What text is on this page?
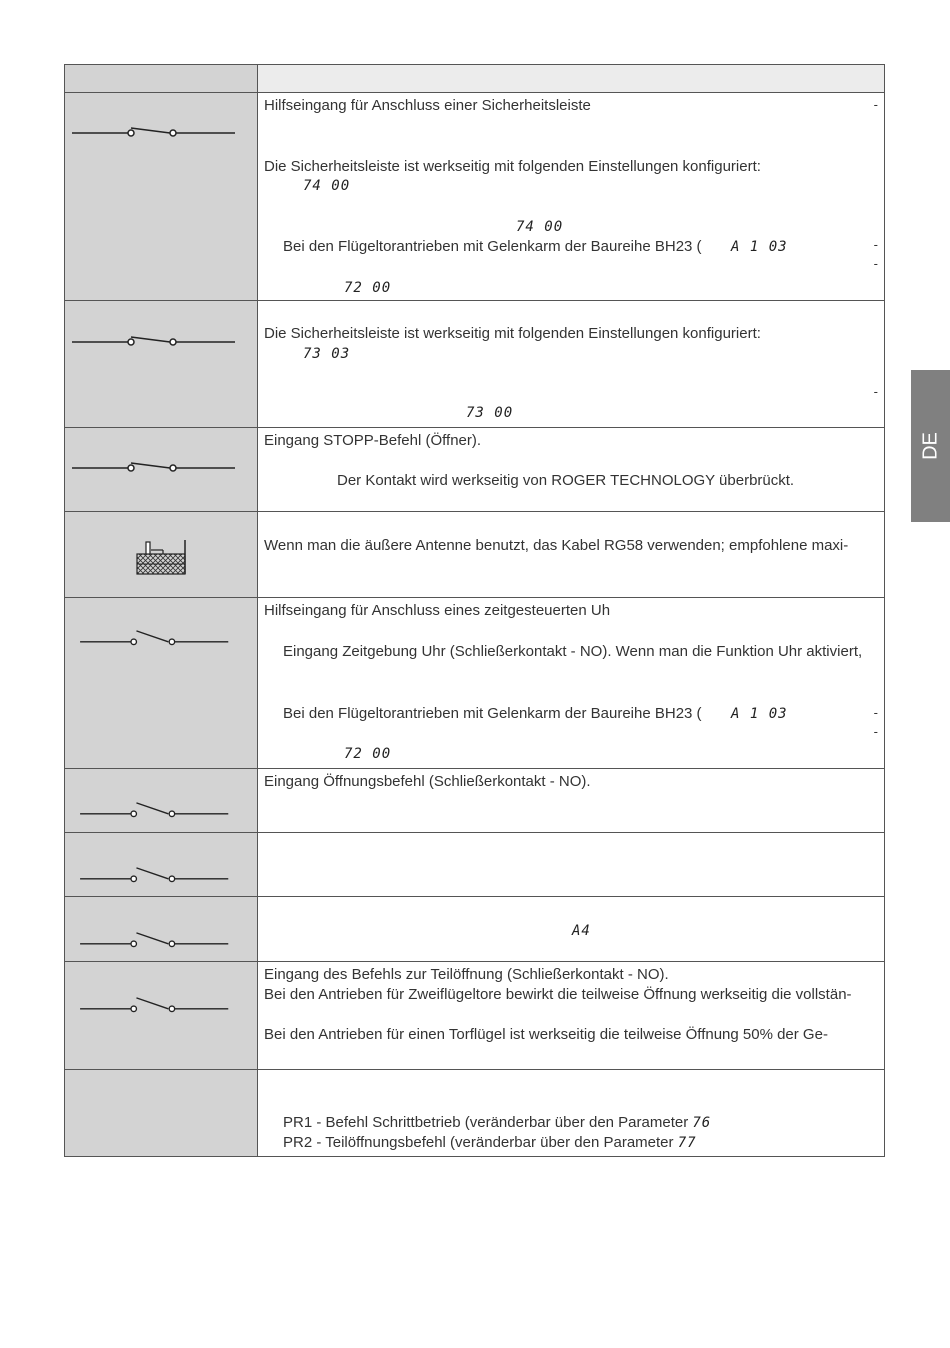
Hilfseingang für Anschluss einer Sicherheitsleiste
Die Sicherheitsleiste ist werkseitig mit folgenden Einstellungen konfiguriert:
74 00
74 00
Bei den Flügeltorantrieben mit Gelenkarm der Baureihe BH23 ( A 1 03
72 00
-
-
-
Die Sicherheitsleiste ist werkseitig mit folgenden Einstellungen konfiguriert:
73 03
73 00
-
Eingang STOPP-Befehl (Öffner).
Der Kontakt wird werkseitig von ROGER TECHNOLOGY überbrückt.
Wenn man die äußere Antenne benutzt, das Kabel RG58 verwenden; empfohlene maxi-
Hilfseingang für Anschluss eines zeitgesteuerten Uh
Eingang Zeitgebung Uhr (Schließerkontakt - NO). Wenn man die Funktion Uhr aktiviert,
Bei den Flügeltorantrieben mit Gelenkarm der Baureihe BH23 ( A 1 03
72 00
-
-
Eingang Öffnungsbefehl (Schließerkontakt - NO).
A4
Eingang des Befehls zur Teilöffnung (Schließerkontakt - NO).
Bei den Antrieben für Zweiflügeltore bewirkt die teilweise Öffnung werkseitig die vollstän-
Bei den Antrieben für einen Torflügel ist werkseitig die teilweise Öffnung 50% der Ge-
PR1 - Befehl Schrittbetrieb (veränderbar über den Parameter 76
PR2 - Teilöffnungsbefehl (veränderbar über den Parameter 77
DE
